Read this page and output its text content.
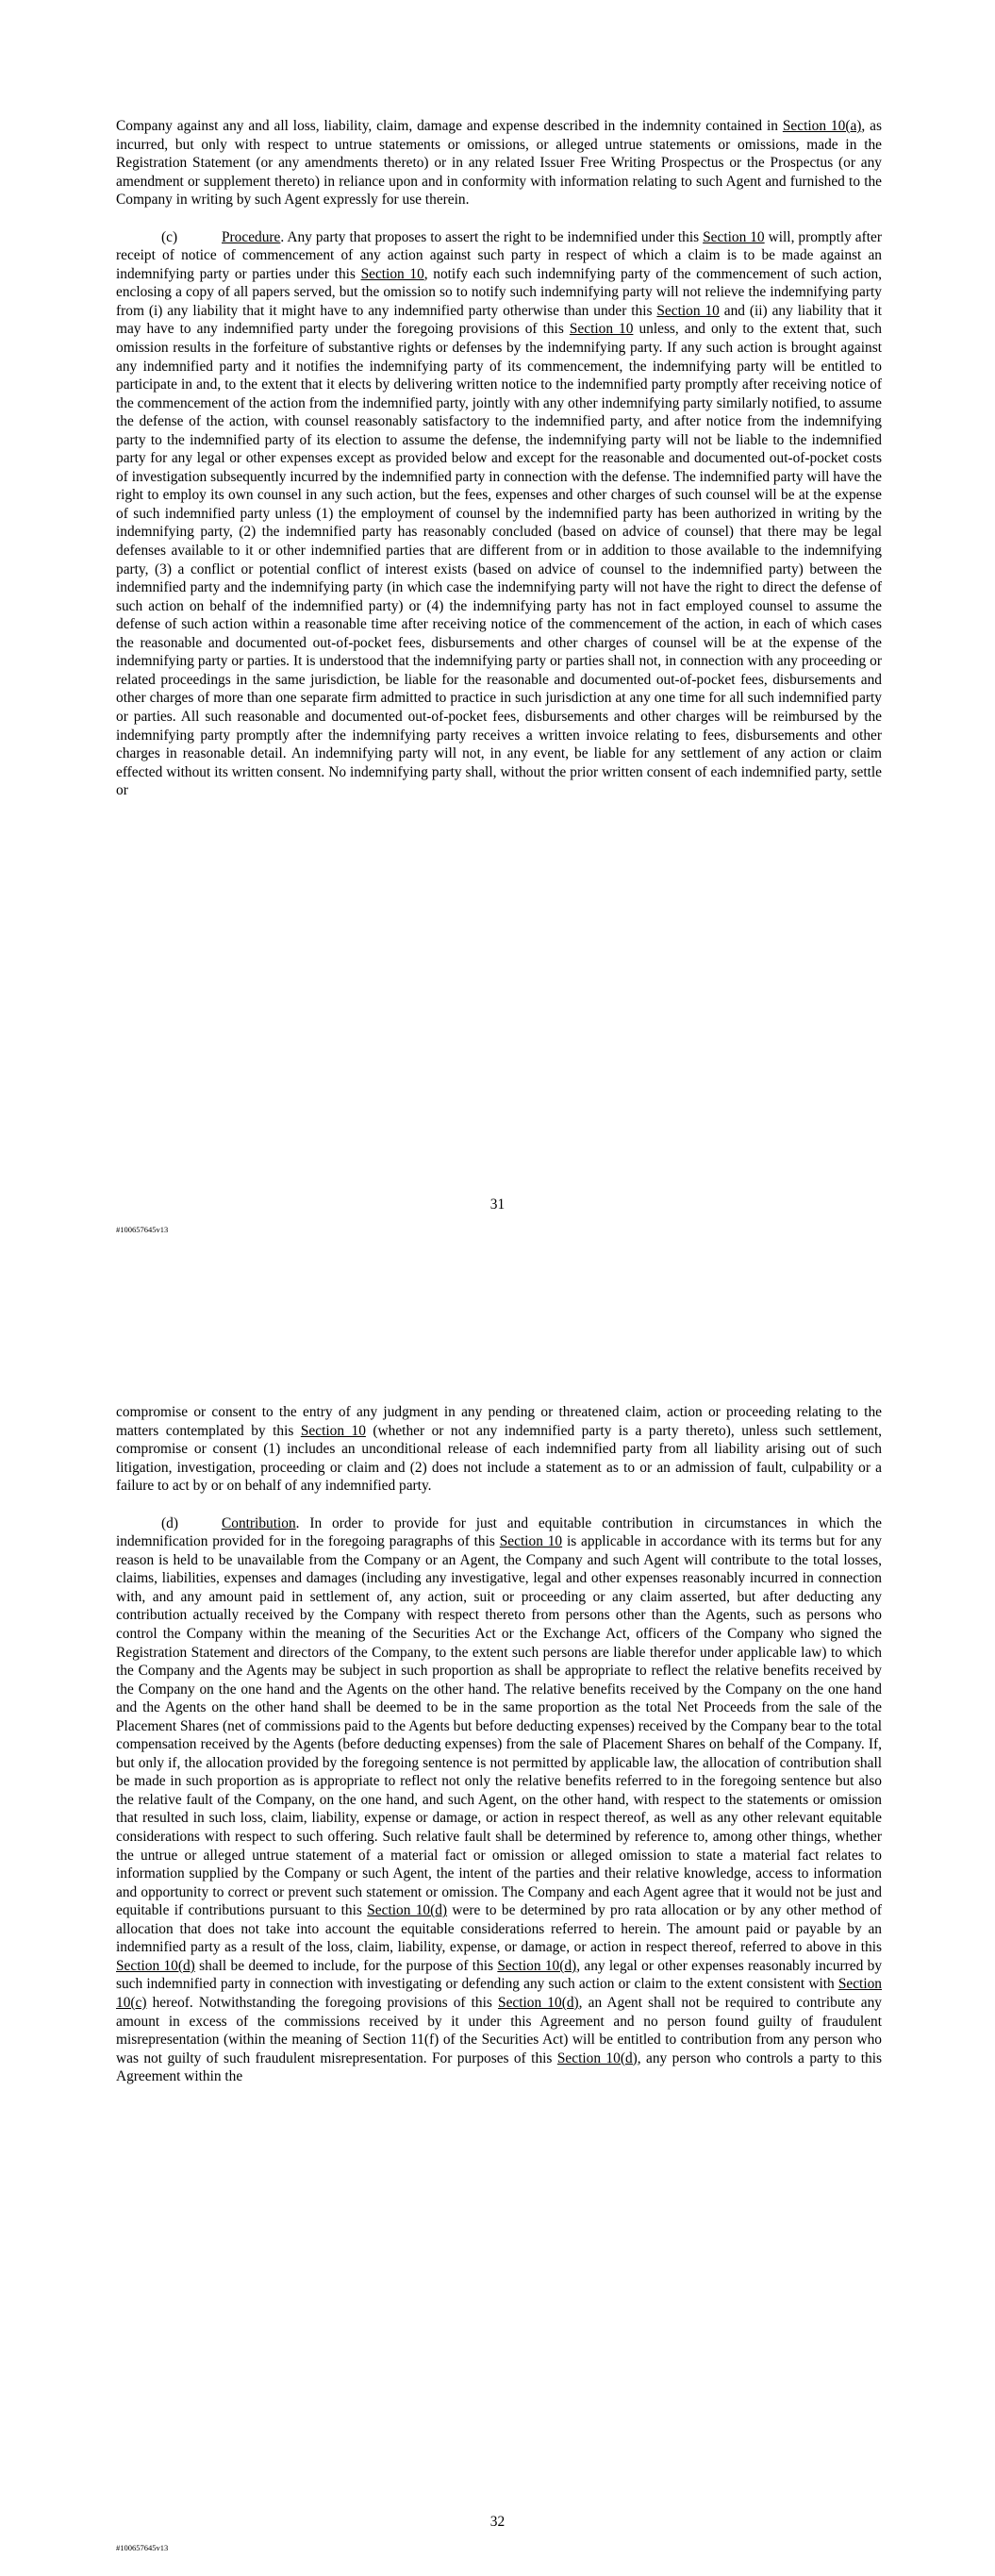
Company against any and all loss, liability, claim, damage and expense described in the indemnity contained in Section 10(a), as incurred, but only with respect to untrue statements or omissions, or alleged untrue statements or omissions, made in the Registration Statement (or any amendments thereto) or in any related Issuer Free Writing Prospectus or the Prospectus (or any amendment or supplement thereto) in reliance upon and in conformity with information relating to such Agent and furnished to the Company in writing by such Agent expressly for use therein.

(c)	Procedure. Any party that proposes to assert the right to be indemnified under this Section 10 will, promptly after receipt of notice of commencement of any action against such party in respect of which a claim is to be made against an indemnifying party or parties under this Section 10, notify each such indemnifying party of the commencement of such action, enclosing a copy of all papers served, but the omission so to notify such indemnifying party will not relieve the indemnifying party from (i) any liability that it might have to any indemnified party otherwise than under this Section 10 and (ii) any liability that it may have to any indemnified party under the foregoing provisions of this Section 10 unless, and only to the extent that, such omission results in the forfeiture of substantive rights or defenses by the indemnifying party. If any such action is brought against any indemnified party and it notifies the indemnifying party of its commencement, the indemnifying party will be entitled to participate in and, to the extent that it elects by delivering written notice to the indemnified party promptly after receiving notice of the commencement of the action from the indemnified party, jointly with any other indemnifying party similarly notified, to assume the defense of the action, with counsel reasonably satisfactory to the indemnified party, and after notice from the indemnifying party to the indemnified party of its election to assume the defense, the indemnifying party will not be liable to the indemnified party for any legal or other expenses except as provided below and except for the reasonable and documented out-of-pocket costs of investigation subsequently incurred by the indemnified party in connection with the defense. The indemnified party will have the right to employ its own counsel in any such action, but the fees, expenses and other charges of such counsel will be at the expense of such indemnified party unless (1) the employment of counsel by the indemnified party has been authorized in writing by the indemnifying party, (2) the indemnified party has reasonably concluded (based on advice of counsel) that there may be legal defenses available to it or other indemnified parties that are different from or in addition to those available to the indemnifying party, (3) a conflict or potential conflict of interest exists (based on advice of counsel to the indemnified party) between the indemnified party and the indemnifying party (in which case the indemnifying party will not have the right to direct the defense of such action on behalf of the indemnified party) or (4) the indemnifying party has not in fact employed counsel to assume the defense of such action within a reasonable time after receiving notice of the commencement of the action, in each of which cases the reasonable and documented out-of-pocket fees, disbursements and other charges of counsel will be at the expense of the indemnifying party or parties. It is understood that the indemnifying party or parties shall not, in connection with any proceeding or related proceedings in the same jurisdiction, be liable for the reasonable and documented out-of-pocket fees, disbursements and other charges of more than one separate firm admitted to practice in such jurisdiction at any one time for all such indemnified party or parties. All such reasonable and documented out-of-pocket fees, disbursements and other charges will be reimbursed by the indemnifying party promptly after the indemnifying party receives a written invoice relating to fees, disbursements and other charges in reasonable detail. An indemnifying party will not, in any event, be liable for any settlement of any action or claim effected without its written consent. No indemnifying party shall, without the prior written consent of each indemnified party, settle or

31
#100657645v13

compromise or consent to the entry of any judgment in any pending or threatened claim, action or proceeding relating to the matters contemplated by this Section 10 (whether or not any indemnified party is a party thereto), unless such settlement, compromise or consent (1) includes an unconditional release of each indemnified party from all liability arising out of such litigation, investigation, proceeding or claim and (2) does not include a statement as to or an admission of fault, culpability or a failure to act by or on behalf of any indemnified party.

(d)	Contribution. In order to provide for just and equitable contribution in circumstances in which the indemnification provided for in the foregoing paragraphs of this Section 10 is applicable in accordance with its terms but for any reason is held to be unavailable from the Company or an Agent, the Company and such Agent will contribute to the total losses, claims, liabilities, expenses and damages (including any investigative, legal and other expenses reasonably incurred in connection with, and any amount paid in settlement of, any action, suit or proceeding or any claim asserted, but after deducting any contribution actually received by the Company with respect thereto from persons other than the Agents, such as persons who control the Company within the meaning of the Securities Act or the Exchange Act, officers of the Company who signed the Registration Statement and directors of the Company, to the extent such persons are liable therefor under applicable law) to which the Company and the Agents may be subject in such proportion as shall be appropriate to reflect the relative benefits received by the Company on the one hand and the Agents on the other hand. The relative benefits received by the Company on the one hand and the Agents on the other hand shall be deemed to be in the same proportion as the total Net Proceeds from the sale of the Placement Shares (net of commissions paid to the Agents but before deducting expenses) received by the Company bear to the total compensation received by the Agents (before deducting expenses) from the sale of Placement Shares on behalf of the Company. If, but only if, the allocation provided by the foregoing sentence is not permitted by applicable law, the allocation of contribution shall be made in such proportion as is appropriate to reflect not only the relative benefits referred to in the foregoing sentence but also the relative fault of the Company, on the one hand, and such Agent, on the other hand, with respect to the statements or omission that resulted in such loss, claim, liability, expense or damage, or action in respect thereof, as well as any other relevant equitable considerations with respect to such offering. Such relative fault shall be determined by reference to, among other things, whether the untrue or alleged untrue statement of a material fact or omission or alleged omission to state a material fact relates to information supplied by the Company or such Agent, the intent of the parties and their relative knowledge, access to information and opportunity to correct or prevent such statement or omission. The Company and each Agent agree that it would not be just and equitable if contributions pursuant to this Section 10(d) were to be determined by pro rata allocation or by any other method of allocation that does not take into account the equitable considerations referred to herein. The amount paid or payable by an indemnified party as a result of the loss, claim, liability, expense, or damage, or action in respect thereof, referred to above in this Section 10(d) shall be deemed to include, for the purpose of this Section 10(d), any legal or other expenses reasonably incurred by such indemnified party in connection with investigating or defending any such action or claim to the extent consistent with Section 10(c) hereof. Notwithstanding the foregoing provisions of this Section 10(d), an Agent shall not be required to contribute any amount in excess of the commissions received by it under this Agreement and no person found guilty of fraudulent misrepresentation (within the meaning of Section 11(f) of the Securities Act) will be entitled to contribution from any person who was not guilty of such fraudulent misrepresentation. For purposes of this Section 10(d), any person who controls a party to this Agreement within the

32
#100657645v13
